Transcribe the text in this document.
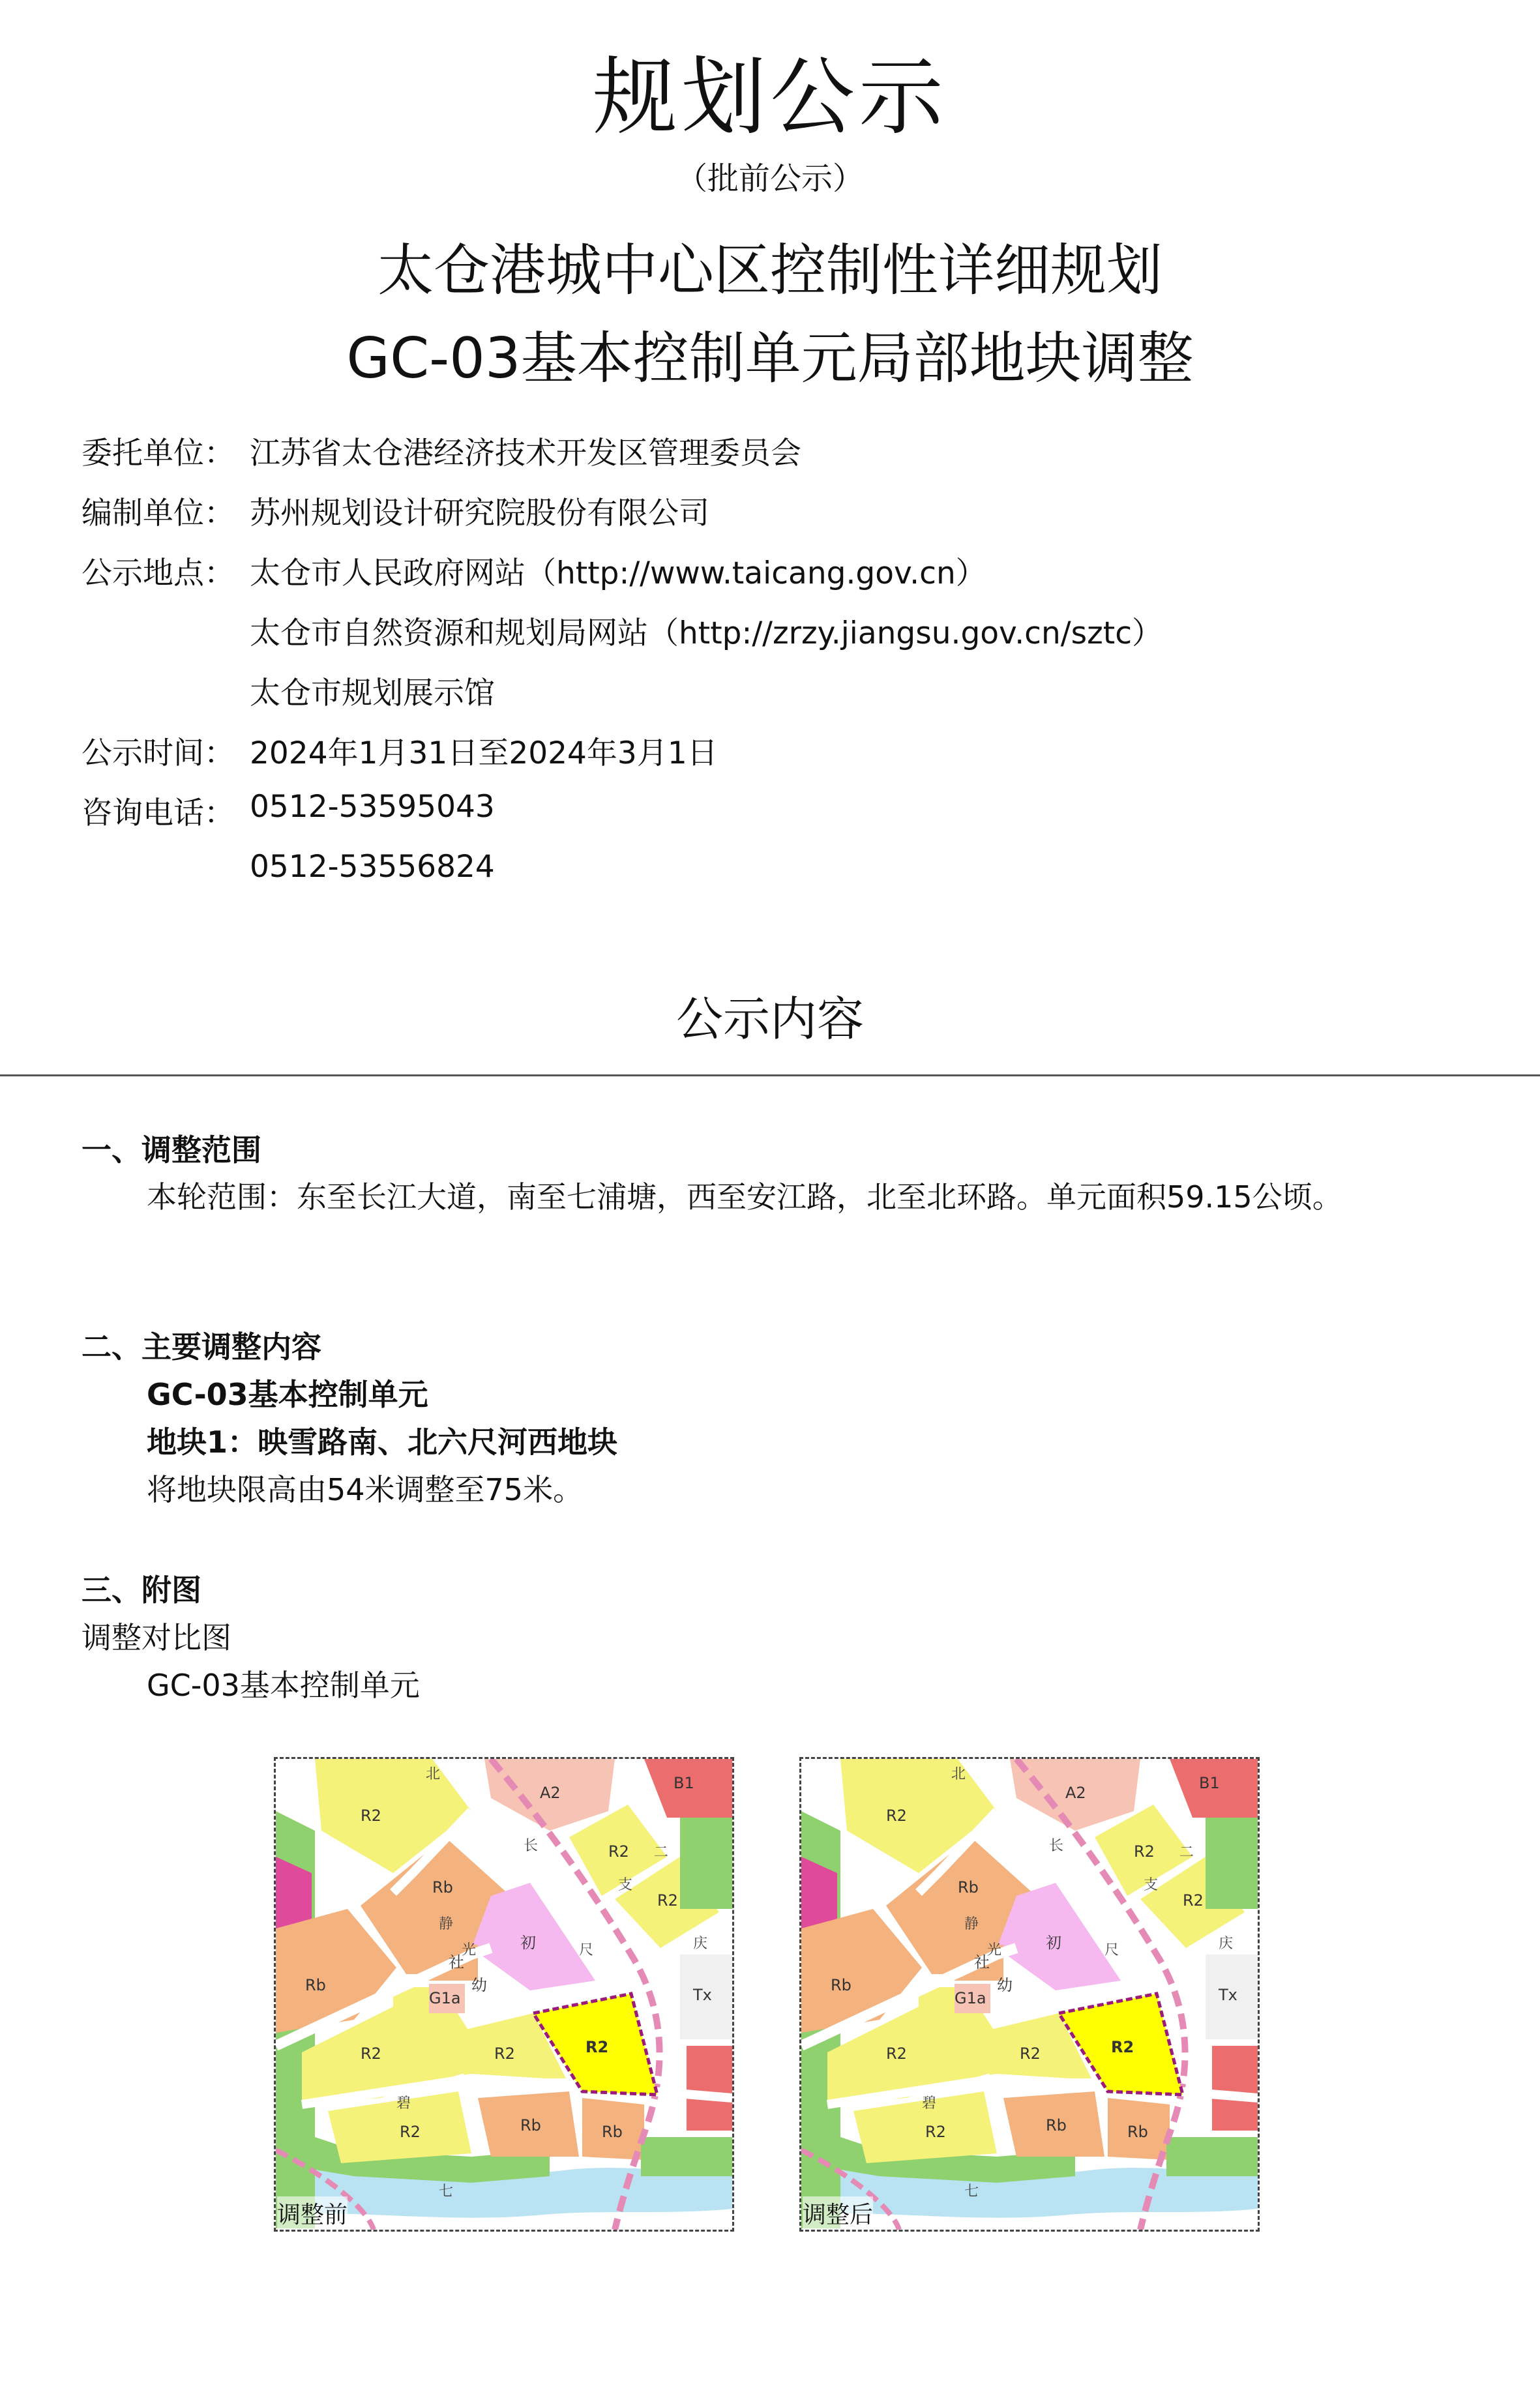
规划公示
（批前公示）
太仓港城中心区控制性详细规划
GC-03基本控制单元局部地块调整
委托单位： 江苏省太仓港经济技术开发区管理委员会
编制单位： 苏州规划设计研究院股份有限公司
公示地点： 太仓市人民政府网站（http://www.taicang.gov.cn）
太仓市自然资源和规划局网站（http://zrzy.jiangsu.gov.cn/sztc）
太仓市规划展示馆
公示时间： 2024年1月31日至2024年3月1日
咨询电话： 0512-53595043
0512-53556824
公示内容
一、调整范围
本轮范围：东至长江大道，南至七浦塘，西至安江路，北至北环路。单元面积59.15公顷。
二、主要调整内容
GC-03基本控制单元
地块1：映雪路南、北六尺河西地块
将地块限高由54米调整至75米。
三、附图
调整对比图
GC-03基本控制单元
R2
Rb
Rb
R2
R2
R2
Rb	Rb
A2
B1
R2
R2
G1a	Tx
初
幼
社
R2
北
长
尺
光
静
支
二
庆
碧
七
调整前
R2
Rb
Rb
R2
R2
R2
Rb	Rb
A2
B1
R2
R2
G1a	Tx
初
幼
社
R2
北
长
尺
光
静
支
二
庆
碧
七
调整后
